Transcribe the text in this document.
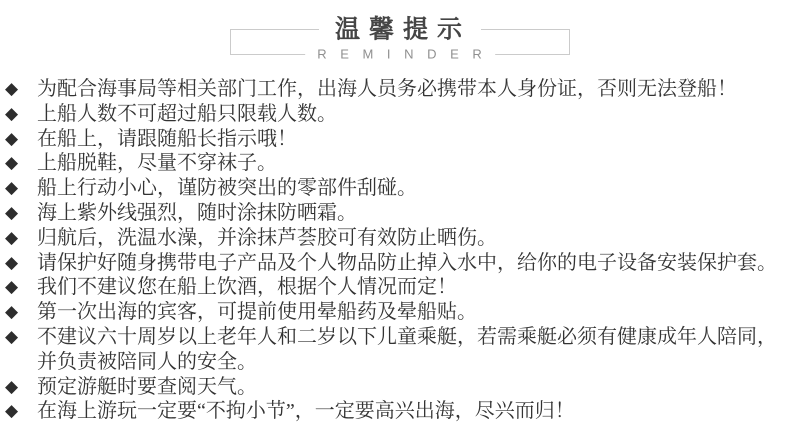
温馨提示
R E M I N D E R
◆ 为配合海事局等相关部门工作，出海人员务必携带本人身份证，否则无法登船！
◆ 上船人数不可超过船只限载人数。
◆ 在船上，请跟随船长指示哦！
◆ 上船脱鞋，尽量不穿袜子。
◆ 船上行动小心，谨防被突出的零部件刮碰。
◆ 海上紫外线强烈，随时涂抹防晒霜。
◆ 归航后，洗温水澡，并涂抹芦荟胶可有效防止晒伤。
◆ 请保护好随身携带电子产品及个人物品防止掉入水中，给你的电子设备安装保护套。
◆ 我们不建议您在船上饮酒，根据个人情况而定！
◆ 第一次出海的宾客，可提前使用晕船药及晕船贴。
◆ 不建议六十周岁以上老年人和二岁以下儿童乘艇，若需乘艇必须有健康成年人陪同，并负责被陪同人的安全。
◆ 预定游艇时要查阅天气。
◆ 在海上游玩一定要“不拘小节”，一定要高兴出海，尽兴而归！
